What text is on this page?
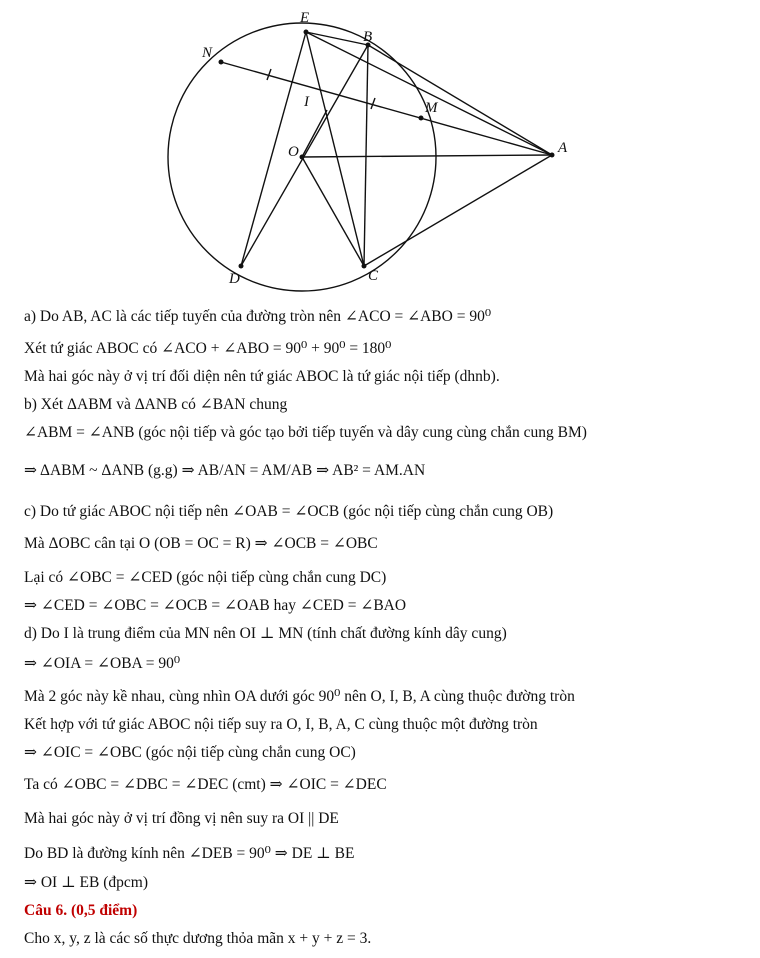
E
B
N
I	M
O	A
D	C
a) Do AB, AC là các tiếp tuyến của đường tròn nên ∠ACO = ∠ABO = 90⁰
Xét tứ giác ABOC có ∠ACO + ∠ABO = 90⁰ + 90⁰ = 180⁰
Mà hai góc này ở vị trí đối diện nên tứ giác ABOC là tứ giác nội tiếp (dhnb).
b) Xét ΔABM và ΔANB có ∠BAN chung
∠ABM = ∠ANB (góc nội tiếp và góc tạo bởi tiếp tuyến và dây cung cùng chắn cung BM)
⇒ ΔABM ~ ΔANB (g.g) ⇒ AB/AN = AM/AB ⇒ AB² = AM.AN
c) Do tứ giác ABOC nội tiếp nên ∠OAB = ∠OCB (góc nội tiếp cùng chắn cung OB)
Mà ΔOBC cân tại O (OB = OC = R) ⇒ ∠OCB = ∠OBC
Lại có ∠OBC = ∠CED (góc nội tiếp cùng chắn cung DC)
⇒ ∠CED = ∠OBC = ∠OCB = ∠OAB hay ∠CED = ∠BAO
d) Do I là trung điểm của MN nên OI ⊥ MN (tính chất đường kính dây cung)
⇒ ∠OIA = ∠OBA = 90⁰
Mà 2 góc này kề nhau, cùng nhìn OA dưới góc 90⁰ nên O, I, B, A cùng thuộc đường tròn
Kết hợp với tứ giác ABOC nội tiếp suy ra O, I, B, A, C cùng thuộc một đường tròn
⇒ ∠OIC = ∠OBC (góc nội tiếp cùng chắn cung OC)
Ta có ∠OBC = ∠DBC = ∠DEC (cmt) ⇒ ∠OIC = ∠DEC
Mà hai góc này ở vị trí đồng vị nên suy ra OI || DE
Do BD là đường kính nên ∠DEB = 90⁰ ⇒ DE ⊥ BE
⇒ OI ⊥ EB (đpcm)
Câu 6. (0,5 điểm)
Cho x, y, z là các số thực dương thỏa mãn x + y + z = 3.
